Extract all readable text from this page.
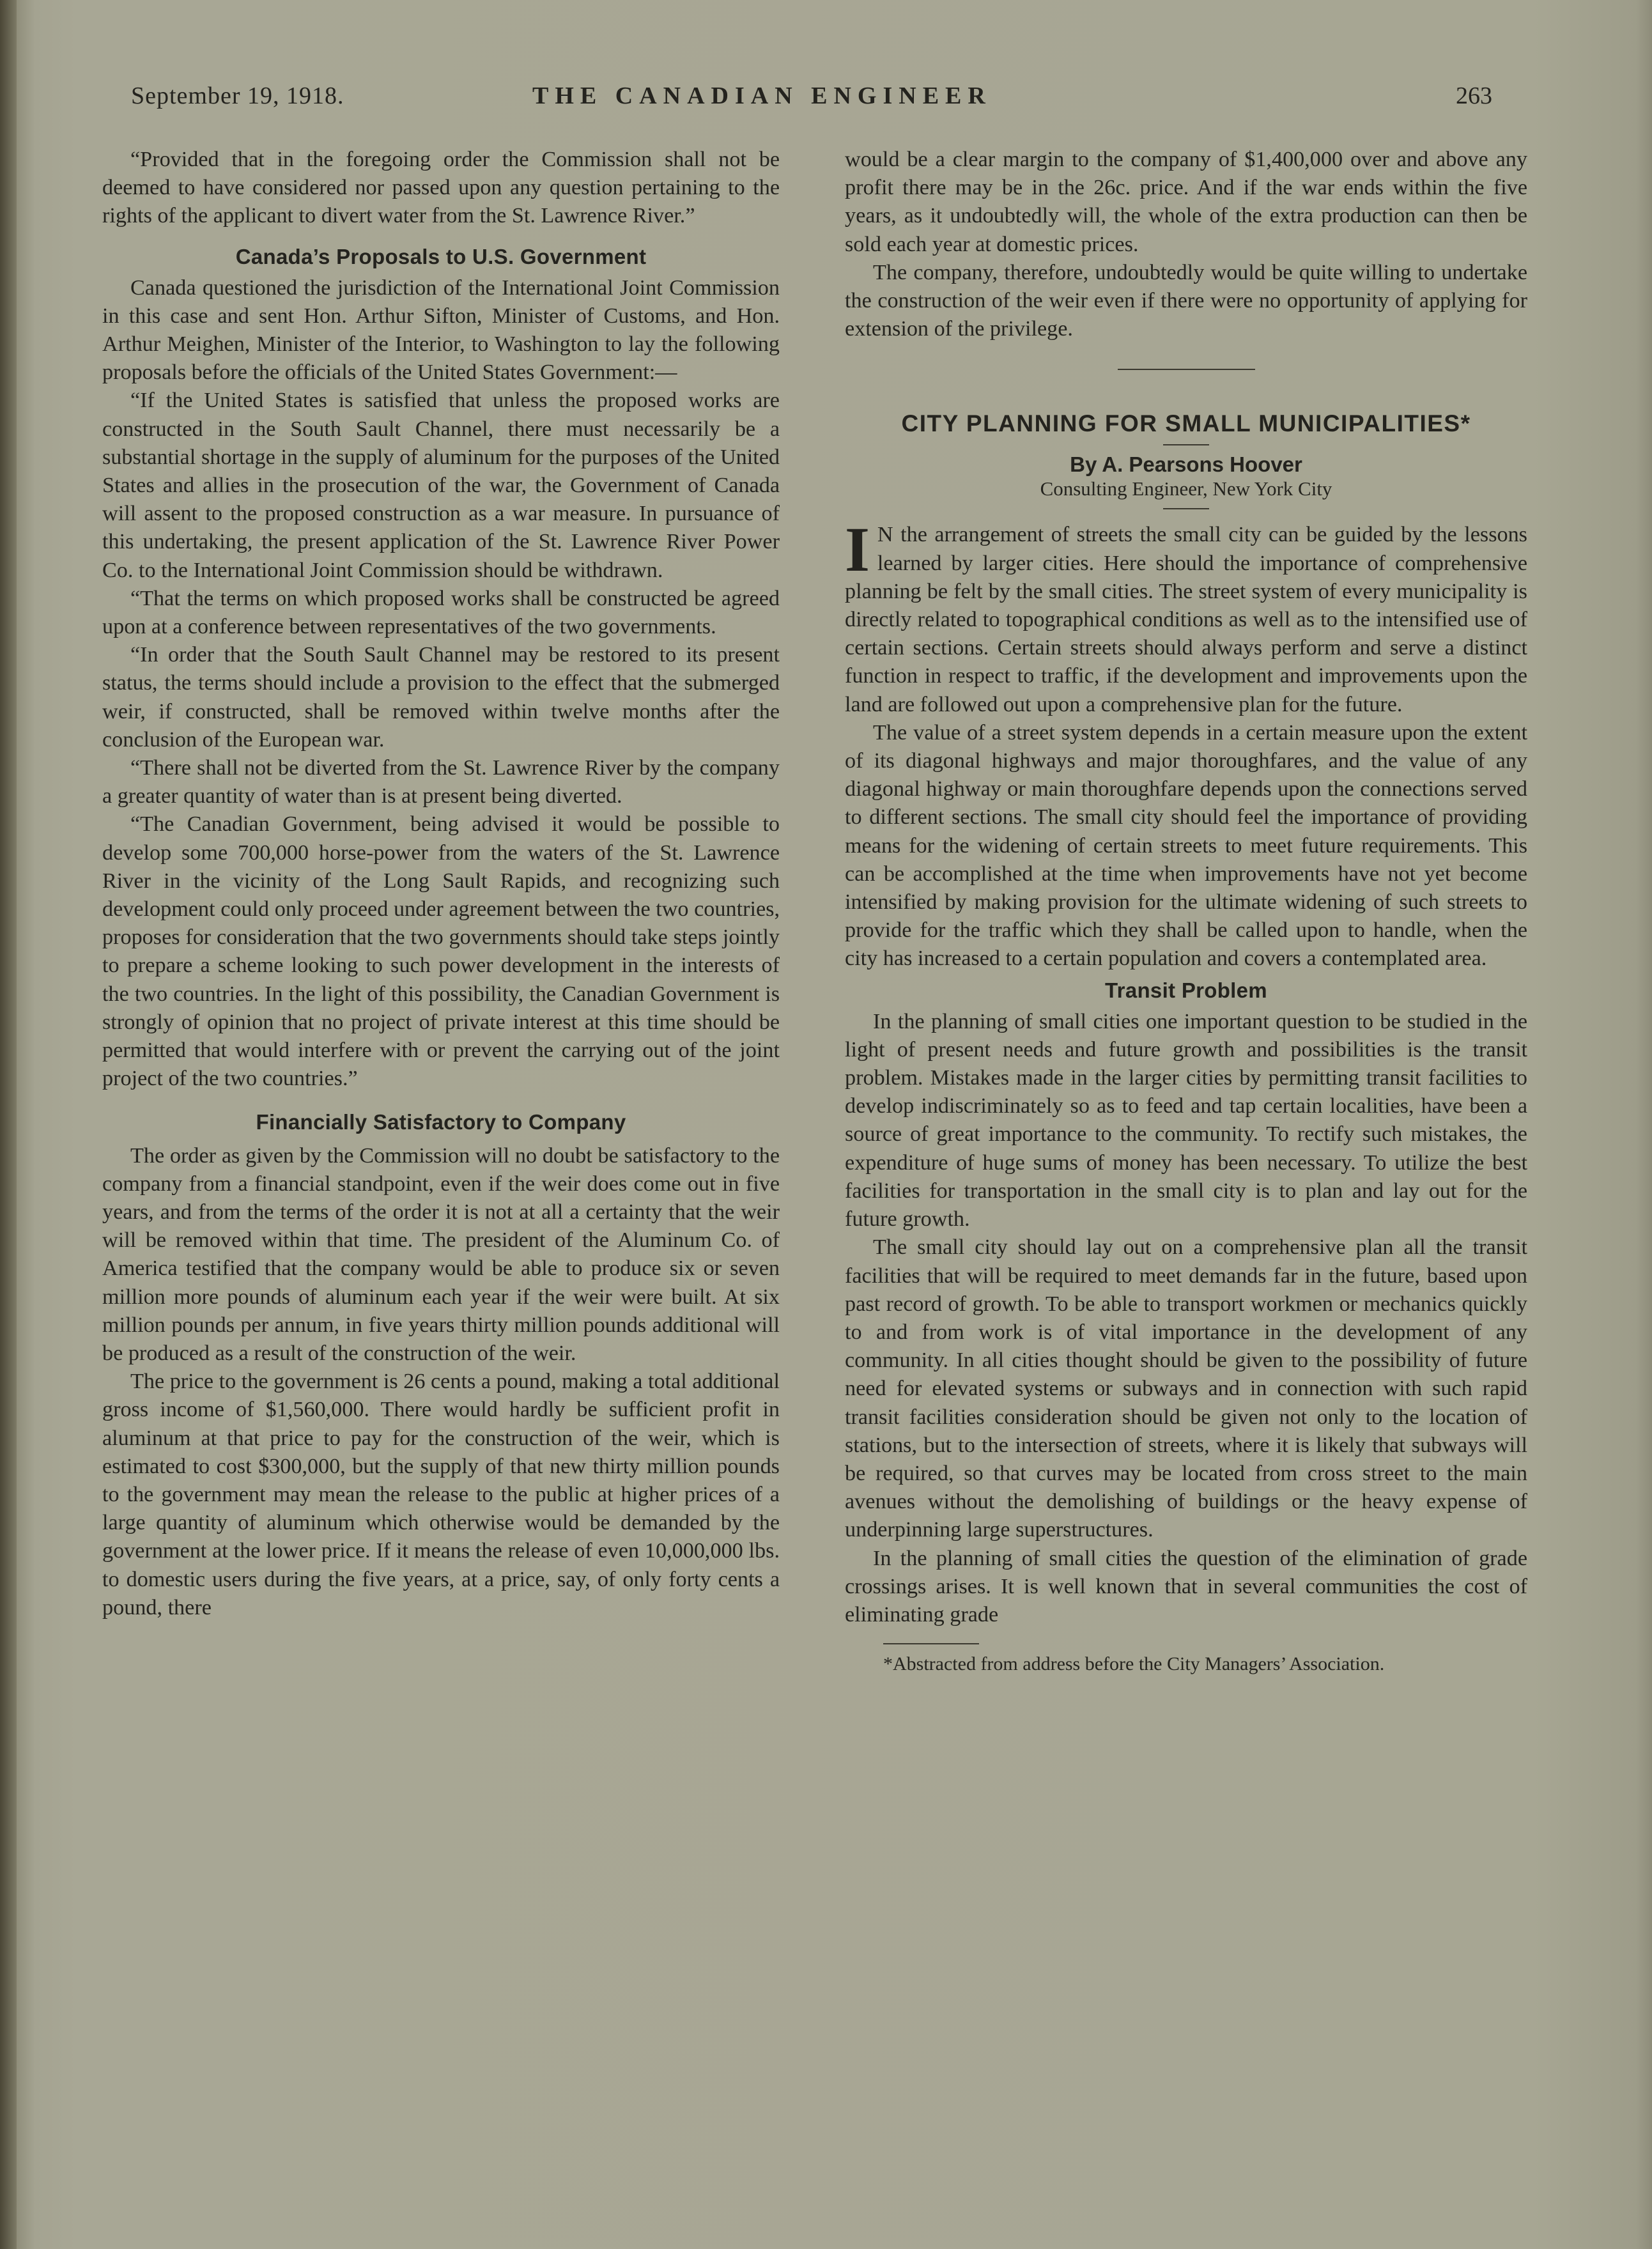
September 19, 1918.	THE CANADIAN ENGINEER	263

“Provided that in the foregoing order the Commission shall not be deemed to have considered nor passed upon any question pertaining to the rights of the applicant to divert water from the St. Lawrence River.”

Canada’s Proposals to U.S. Government

Canada questioned the jurisdiction of the International Joint Commission in this case and sent Hon. Arthur Sifton, Minister of Customs, and Hon. Arthur Meighen, Minister of the Interior, to Washington to lay the following proposals before the officials of the United States Government:—

“If the United States is satisfied that unless the proposed works are constructed in the South Sault Channel, there must necessarily be a substantial shortage in the supply of aluminum for the purposes of the United States and allies in the prosecution of the war, the Government of Canada will assent to the proposed construction as a war measure. In pursuance of this undertaking, the present application of the St. Lawrence River Power Co. to the International Joint Commission should be withdrawn.

“That the terms on which proposed works shall be constructed be agreed upon at a conference between representatives of the two governments.

“In order that the South Sault Channel may be restored to its present status, the terms should include a provision to the effect that the submerged weir, if constructed, shall be removed within twelve months after the conclusion of the European war.

“There shall not be diverted from the St. Lawrence River by the company a greater quantity of water than is at present being diverted.

“The Canadian Government, being advised it would be possible to develop some 700,000 horse-power from the waters of the St. Lawrence River in the vicinity of the Long Sault Rapids, and recognizing such development could only proceed under agreement between the two countries, proposes for consideration that the two governments should take steps jointly to prepare a scheme looking to such power development in the interests of the two countries. In the light of this possibility, the Canadian Government is strongly of opinion that no project of private interest at this time should be permitted that would interfere with or prevent the carrying out of the joint project of the two countries.”

Financially Satisfactory to Company

The order as given by the Commission will no doubt be satisfactory to the company from a financial standpoint, even if the weir does come out in five years, and from the terms of the order it is not at all a certainty that the weir will be removed within that time. The president of the Aluminum Co. of America testified that the company would be able to produce six or seven million more pounds of aluminum each year if the weir were built. At six million pounds per annum, in five years thirty million pounds additional will be produced as a result of the construction of the weir.

The price to the government is 26 cents a pound, making a total additional gross income of $1,560,000. There would hardly be sufficient profit in aluminum at that price to pay for the construction of the weir, which is estimated to cost $300,000, but the supply of that new thirty million pounds to the government may mean the release to the public at higher prices of a large quantity of aluminum which otherwise would be demanded by the government at the lower price. If it means the release of even 10,000,000 lbs. to domestic users during the five years, at a price, say, of only forty cents a pound, there

would be a clear margin to the company of $1,400,000 over and above any profit there may be in the 26c. price. And if the war ends within the five years, as it undoubtedly will, the whole of the extra production can then be sold each year at domestic prices.

The company, therefore, undoubtedly would be quite willing to undertake the construction of the weir even if there were no opportunity of applying for extension of the privilege.

CITY PLANNING FOR SMALL MUNICIPALITIES*
By A. Pearsons Hoover
Consulting Engineer, New York City

I N the arrangement of streets the small city can be guided by the lessons learned by larger cities. Here should the importance of comprehensive planning be felt by the small cities. The street system of every municipality is directly related to topographical conditions as well as to the intensified use of certain sections. Certain streets should always perform and serve a distinct function in respect to traffic, if the development and improvements upon the land are followed out upon a comprehensive plan for the future.

The value of a street system depends in a certain measure upon the extent of its diagonal highways and major thoroughfares, and the value of any diagonal highway or main thoroughfare depends upon the connections served to different sections. The small city should feel the importance of providing means for the widening of certain streets to meet future requirements. This can be accomplished at the time when improvements have not yet become intensified by making provision for the ultimate widening of such streets to provide for the traffic which they shall be called upon to handle, when the city has increased to a certain population and covers a contemplated area.

Transit Problem

In the planning of small cities one important question to be studied in the light of present needs and future growth and possibilities is the transit problem. Mistakes made in the larger cities by permitting transit facilities to develop indiscriminately so as to feed and tap certain localities, have been a source of great importance to the community. To rectify such mistakes, the expenditure of huge sums of money has been necessary. To utilize the best facilities for transportation in the small city is to plan and lay out for the future growth.

The small city should lay out on a comprehensive plan all the transit facilities that will be required to meet demands far in the future, based upon past record of growth. To be able to transport workmen or mechanics quickly to and from work is of vital importance in the development of any community. In all cities thought should be given to the possibility of future need for elevated systems or subways and in connection with such rapid transit facilities consideration should be given not only to the location of stations, but to the intersection of streets, where it is likely that subways will be required, so that curves may be located from cross street to the main avenues without the demolishing of buildings or the heavy expense of underpinning large superstructures.

In the planning of small cities the question of the elimination of grade crossings arises. It is well known that in several communities the cost of eliminating grade

*Abstracted from address before the City Managers’ Association.
